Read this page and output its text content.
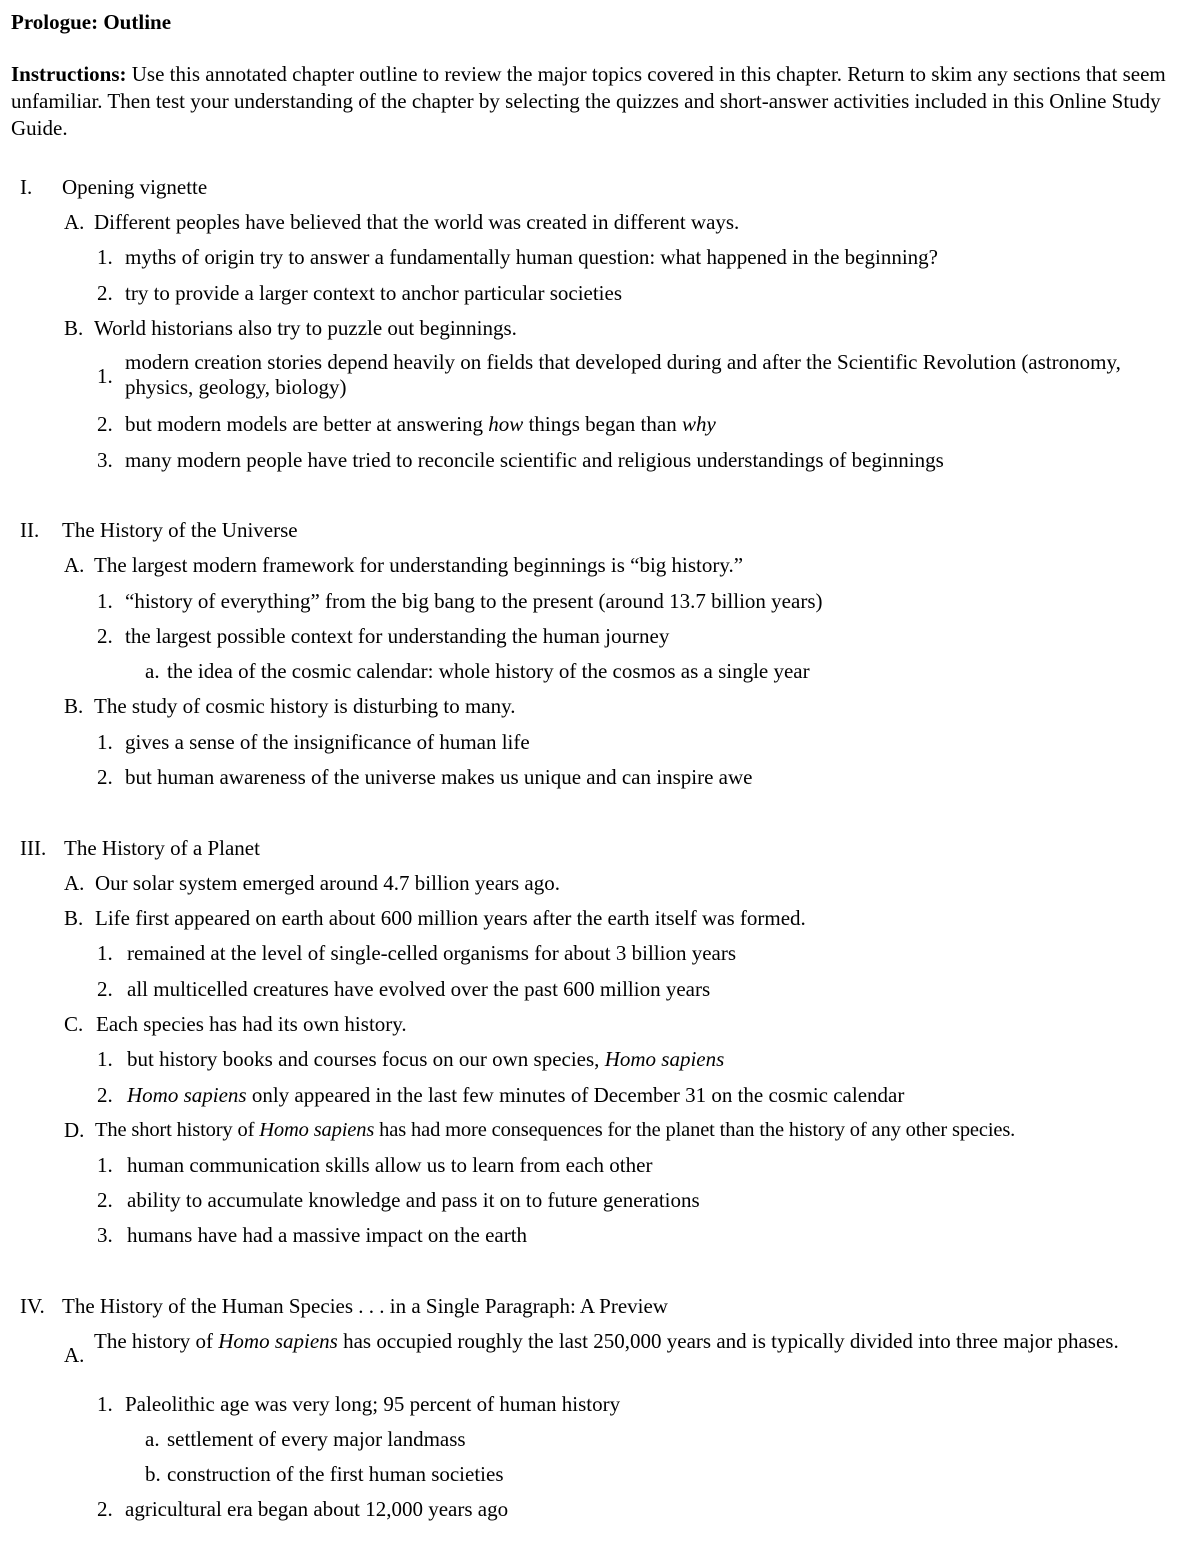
Prologue: Outline
Instructions: Use this annotated chapter outline to review the major topics covered in this chapter. Return to skim any sections that seem unfamiliar. Then test your understanding of the chapter by selecting the quizzes and short-answer activities included in this Online Study Guide.
I. Opening vignette
A. Different peoples have believed that the world was created in different ways.
1. myths of origin try to answer a fundamentally human question: what happened in the beginning?
2. try to provide a larger context to anchor particular societies
B. World historians also try to puzzle out beginnings.
1.
modern creation stories depend heavily on fields that developed during and after the Scientific Revolution (astronomy, physics, geology, biology)
2. but modern models are better at answering how things began than why
3. many modern people have tried to reconcile scientific and religious understandings of beginnings
II. The History of the Universe
A. The largest modern framework for understanding beginnings is “big history.”
1. “history of everything” from the big bang to the present (around 13.7 billion years)
2. the largest possible context for understanding the human journey
a. the idea of the cosmic calendar: whole history of the cosmos as a single year
B. The study of cosmic history is disturbing to many.
1. gives a sense of the insignificance of human life
2. but human awareness of the universe makes us unique and can inspire awe
III. The History of a Planet
A. Our solar system emerged around 4.7 billion years ago.
B. Life first appeared on earth about 600 million years after the earth itself was formed.
1. remained at the level of single-celled organisms for about 3 billion years
2. all multicelled creatures have evolved over the past 600 million years
C. Each species has had its own history.
1. but history books and courses focus on our own species, Homo sapiens
2. Homo sapiens only appeared in the last few minutes of December 31 on the cosmic calendar
D. The short history of Homo sapiens has had more consequences for the planet than the history of any other species.
1. human communication skills allow us to learn from each other
2. ability to accumulate knowledge and pass it on to future generations
3. humans have had a massive impact on the earth
IV. The History of the Human Species . . . in a Single Paragraph: A Preview
A.
The history of Homo sapiens has occupied roughly the last 250,000 years and is typically divided into three major phases.
1. Paleolithic age was very long; 95 percent of human history
a. settlement of every major landmass
b. construction of the first human societies
2. agricultural era began about 12,000 years ago
